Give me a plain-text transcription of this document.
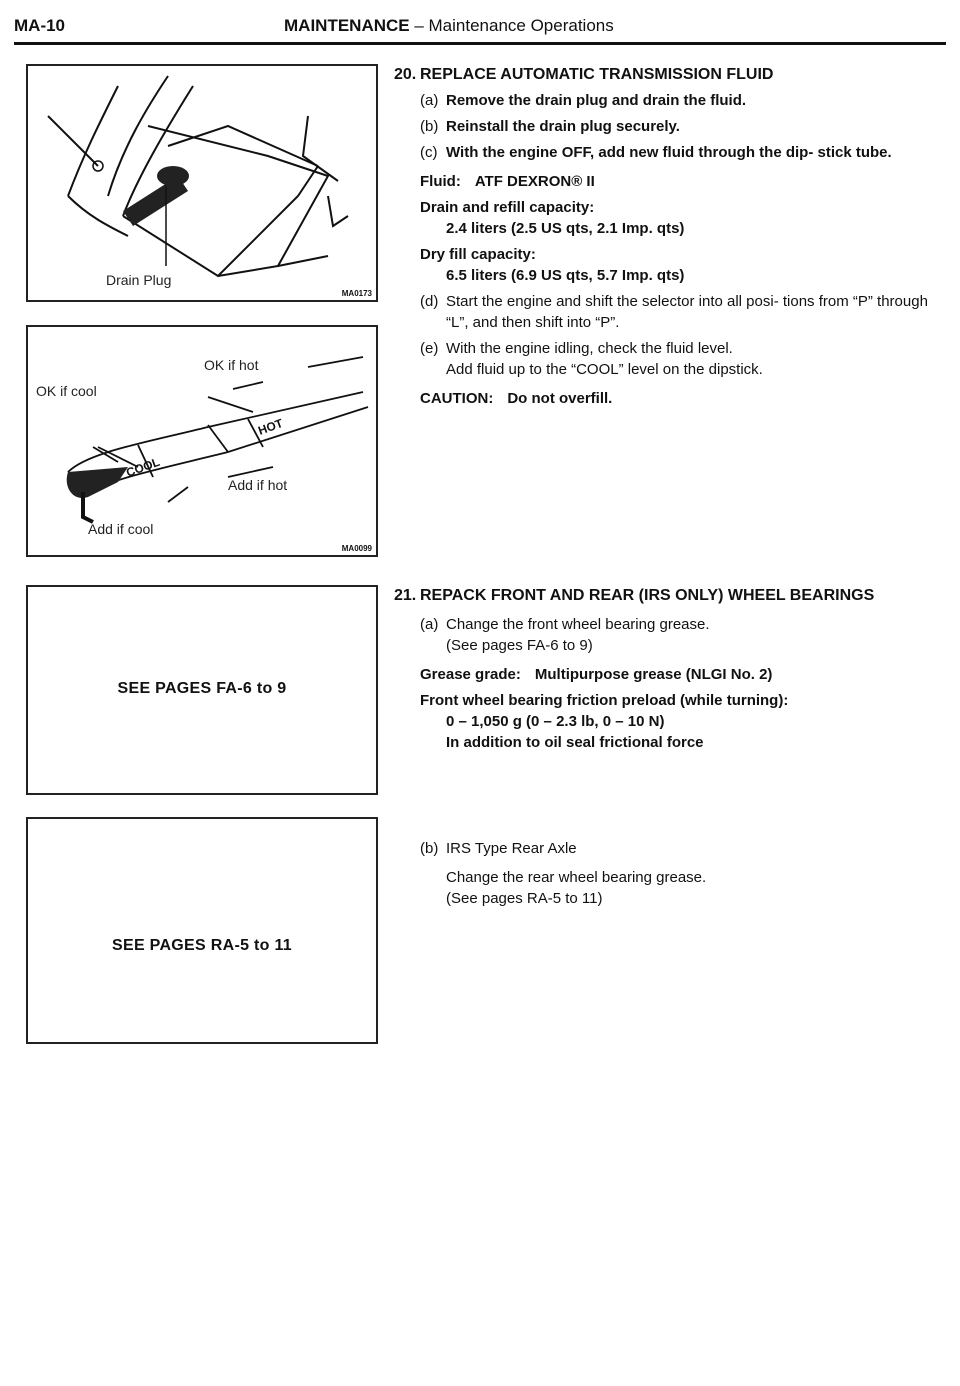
MA-10	MAINTENANCE – Maintenance Operations
Drain Plug
MA0173
HOT
COOL
OK if hot
OK if cool
Add if hot
Add if cool
MA0099
SEE PAGES FA-6 to 9
SEE PAGES RA-5 to 11
20. REPLACE AUTOMATIC TRANSMISSION FLUID
(a) Remove the drain plug and drain the fluid.
(b) Reinstall the drain plug securely.
(c) With the engine OFF, add new fluid through the dip- stick tube.
Fluid: ATF DEXRON® II
Drain and refill capacity:
2.4 liters (2.5 US qts, 2.1 Imp. qts)
Dry fill capacity:
6.5 liters (6.9 US qts, 5.7 Imp. qts)
(d) Start the engine and shift the selector into all posi- tions from “P” through “L”, and then shift into “P”.
(e) With the engine idling, check the fluid level.
Add fluid up to the “COOL” level on the dipstick.
CAUTION: Do not overfill.
21. REPACK FRONT AND REAR (IRS ONLY) WHEEL BEARINGS
(a) Change the front wheel bearing grease.
(See pages FA-6 to 9)
Grease grade: Multipurpose grease (NLGI No. 2)
Front wheel bearing friction preload (while turning):
0 – 1,050 g (0 – 2.3 lb, 0 – 10 N)
In addition to oil seal frictional force
(b) IRS Type Rear Axle
Change the rear wheel bearing grease.
(See pages RA-5 to 11)
